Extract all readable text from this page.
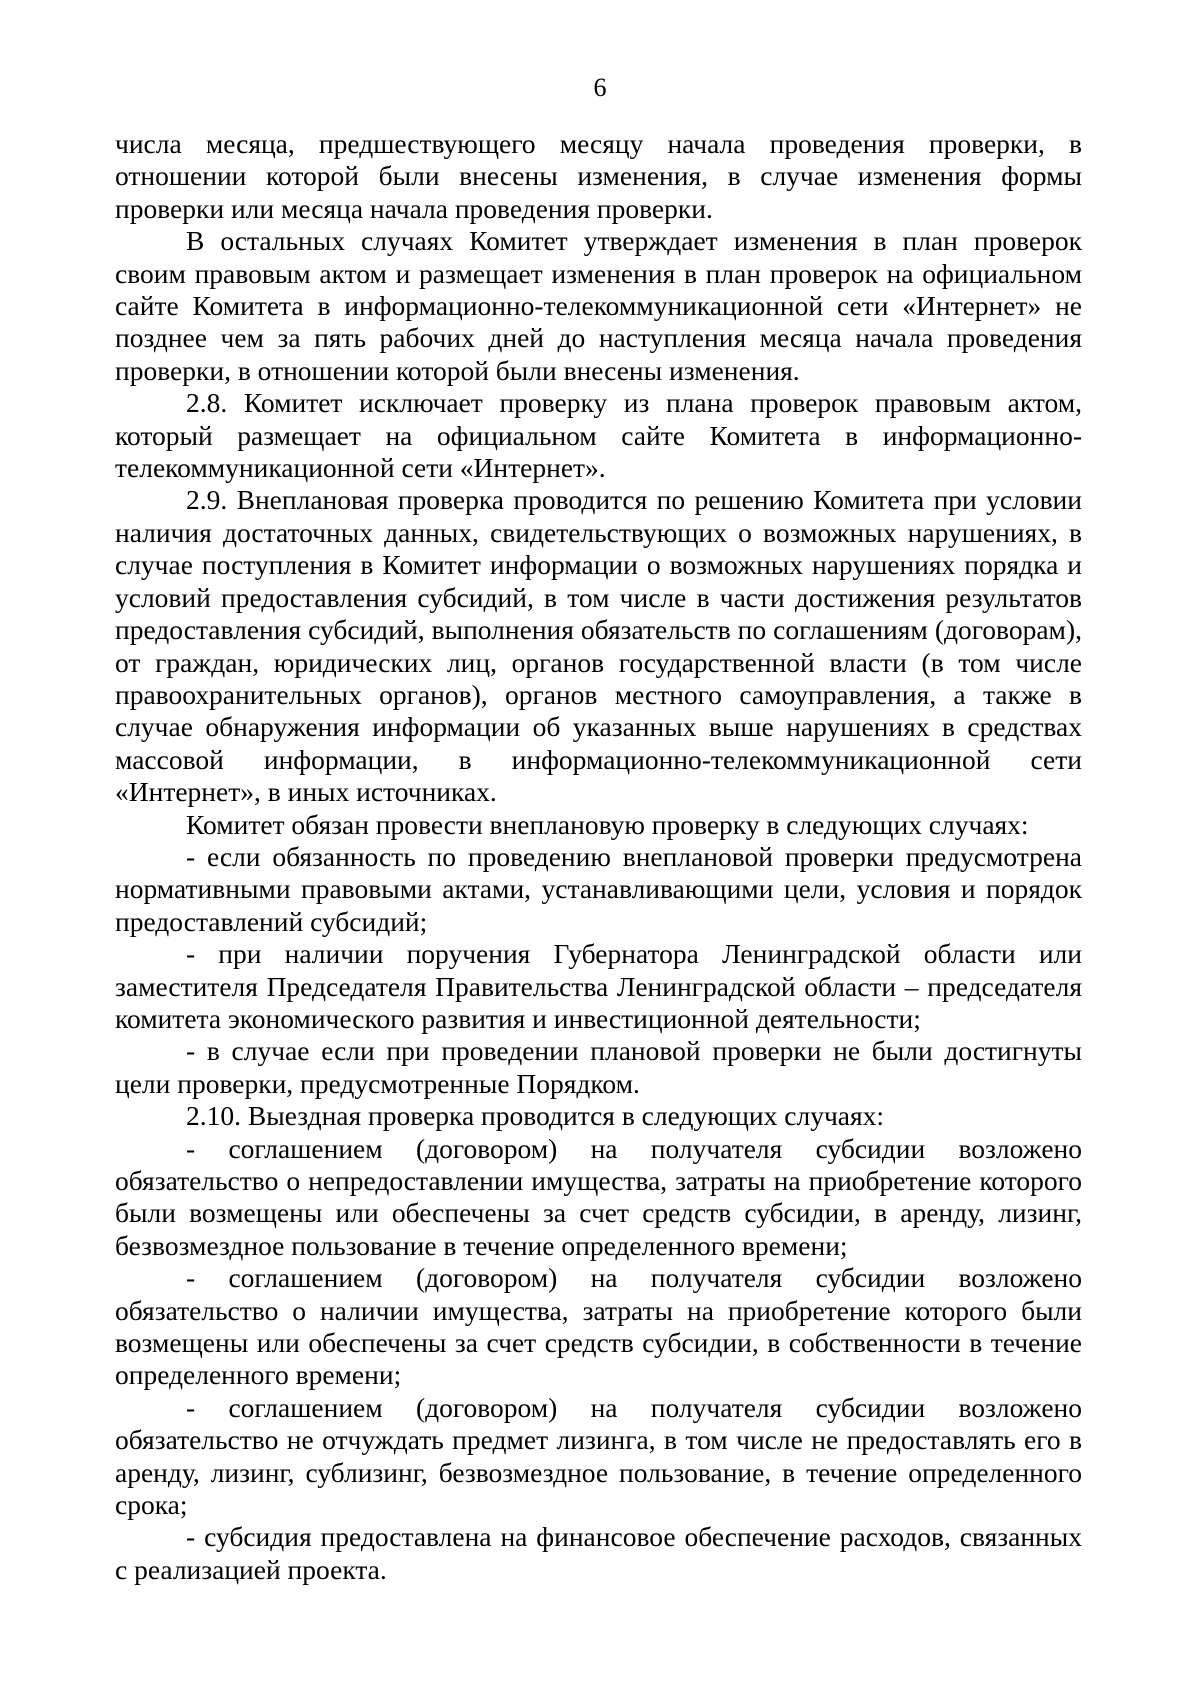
6

числа месяца, предшествующего месяцу начала проведения проверки, в отношении которой были внесены изменения, в случае изменения формы проверки или месяца начала проведения проверки.

В остальных случаях Комитет утверждает изменения в план проверок своим правовым актом и размещает изменения в план проверок на официальном сайте Комитета в информационно-телекоммуникационной сети «Интернет» не позднее чем за пять рабочих дней до наступления месяца начала проведения проверки, в отношении которой были внесены изменения.

2.8. Комитет исключает проверку из плана проверок правовым актом, который размещает на официальном сайте Комитета в информационно-телекоммуникационной сети «Интернет».

2.9. Внеплановая проверка проводится по решению Комитета при условии наличия достаточных данных, свидетельствующих о возможных нарушениях, в случае поступления в Комитет информации о возможных нарушениях порядка и условий предоставления субсидий, в том числе в части достижения результатов предоставления субсидий, выполнения обязательств по соглашениям (договорам), от граждан, юридических лиц, органов государственной власти (в том числе правоохранительных органов), органов местного самоуправления, а также в случае обнаружения информации об указанных выше нарушениях в средствах массовой информации, в информационно-телекоммуникационной сети «Интернет», в иных источниках.

Комитет обязан провести внеплановую проверку в следующих случаях:

- если обязанность по проведению внеплановой проверки предусмотрена нормативными правовыми актами, устанавливающими цели, условия и порядок предоставлений субсидий;

- при наличии поручения Губернатора Ленинградской области или заместителя Председателя Правительства Ленинградской области – председателя комитета экономического развития и инвестиционной деятельности;

- в случае если при проведении плановой проверки не были достигнуты цели проверки, предусмотренные Порядком.

2.10. Выездная проверка проводится в следующих случаях:

- соглашением (договором) на получателя субсидии возложено обязательство о непредоставлении имущества, затраты на приобретение которого были возмещены или обеспечены за счет средств субсидии, в аренду, лизинг, безвозмездное пользование в течение определенного времени;

- соглашением (договором) на получателя субсидии возложено обязательство о наличии имущества, затраты на приобретение которого были возмещены или обеспечены за счет средств субсидии, в собственности в течение определенного времени;

- соглашением (договором) на получателя субсидии возложено обязательство не отчуждать предмет лизинга, в том числе не предоставлять его в аренду, лизинг, сублизинг, безвозмездное пользование, в течение определенного срока;

- субсидия предоставлена на финансовое обеспечение расходов, связанных с реализацией проекта.
